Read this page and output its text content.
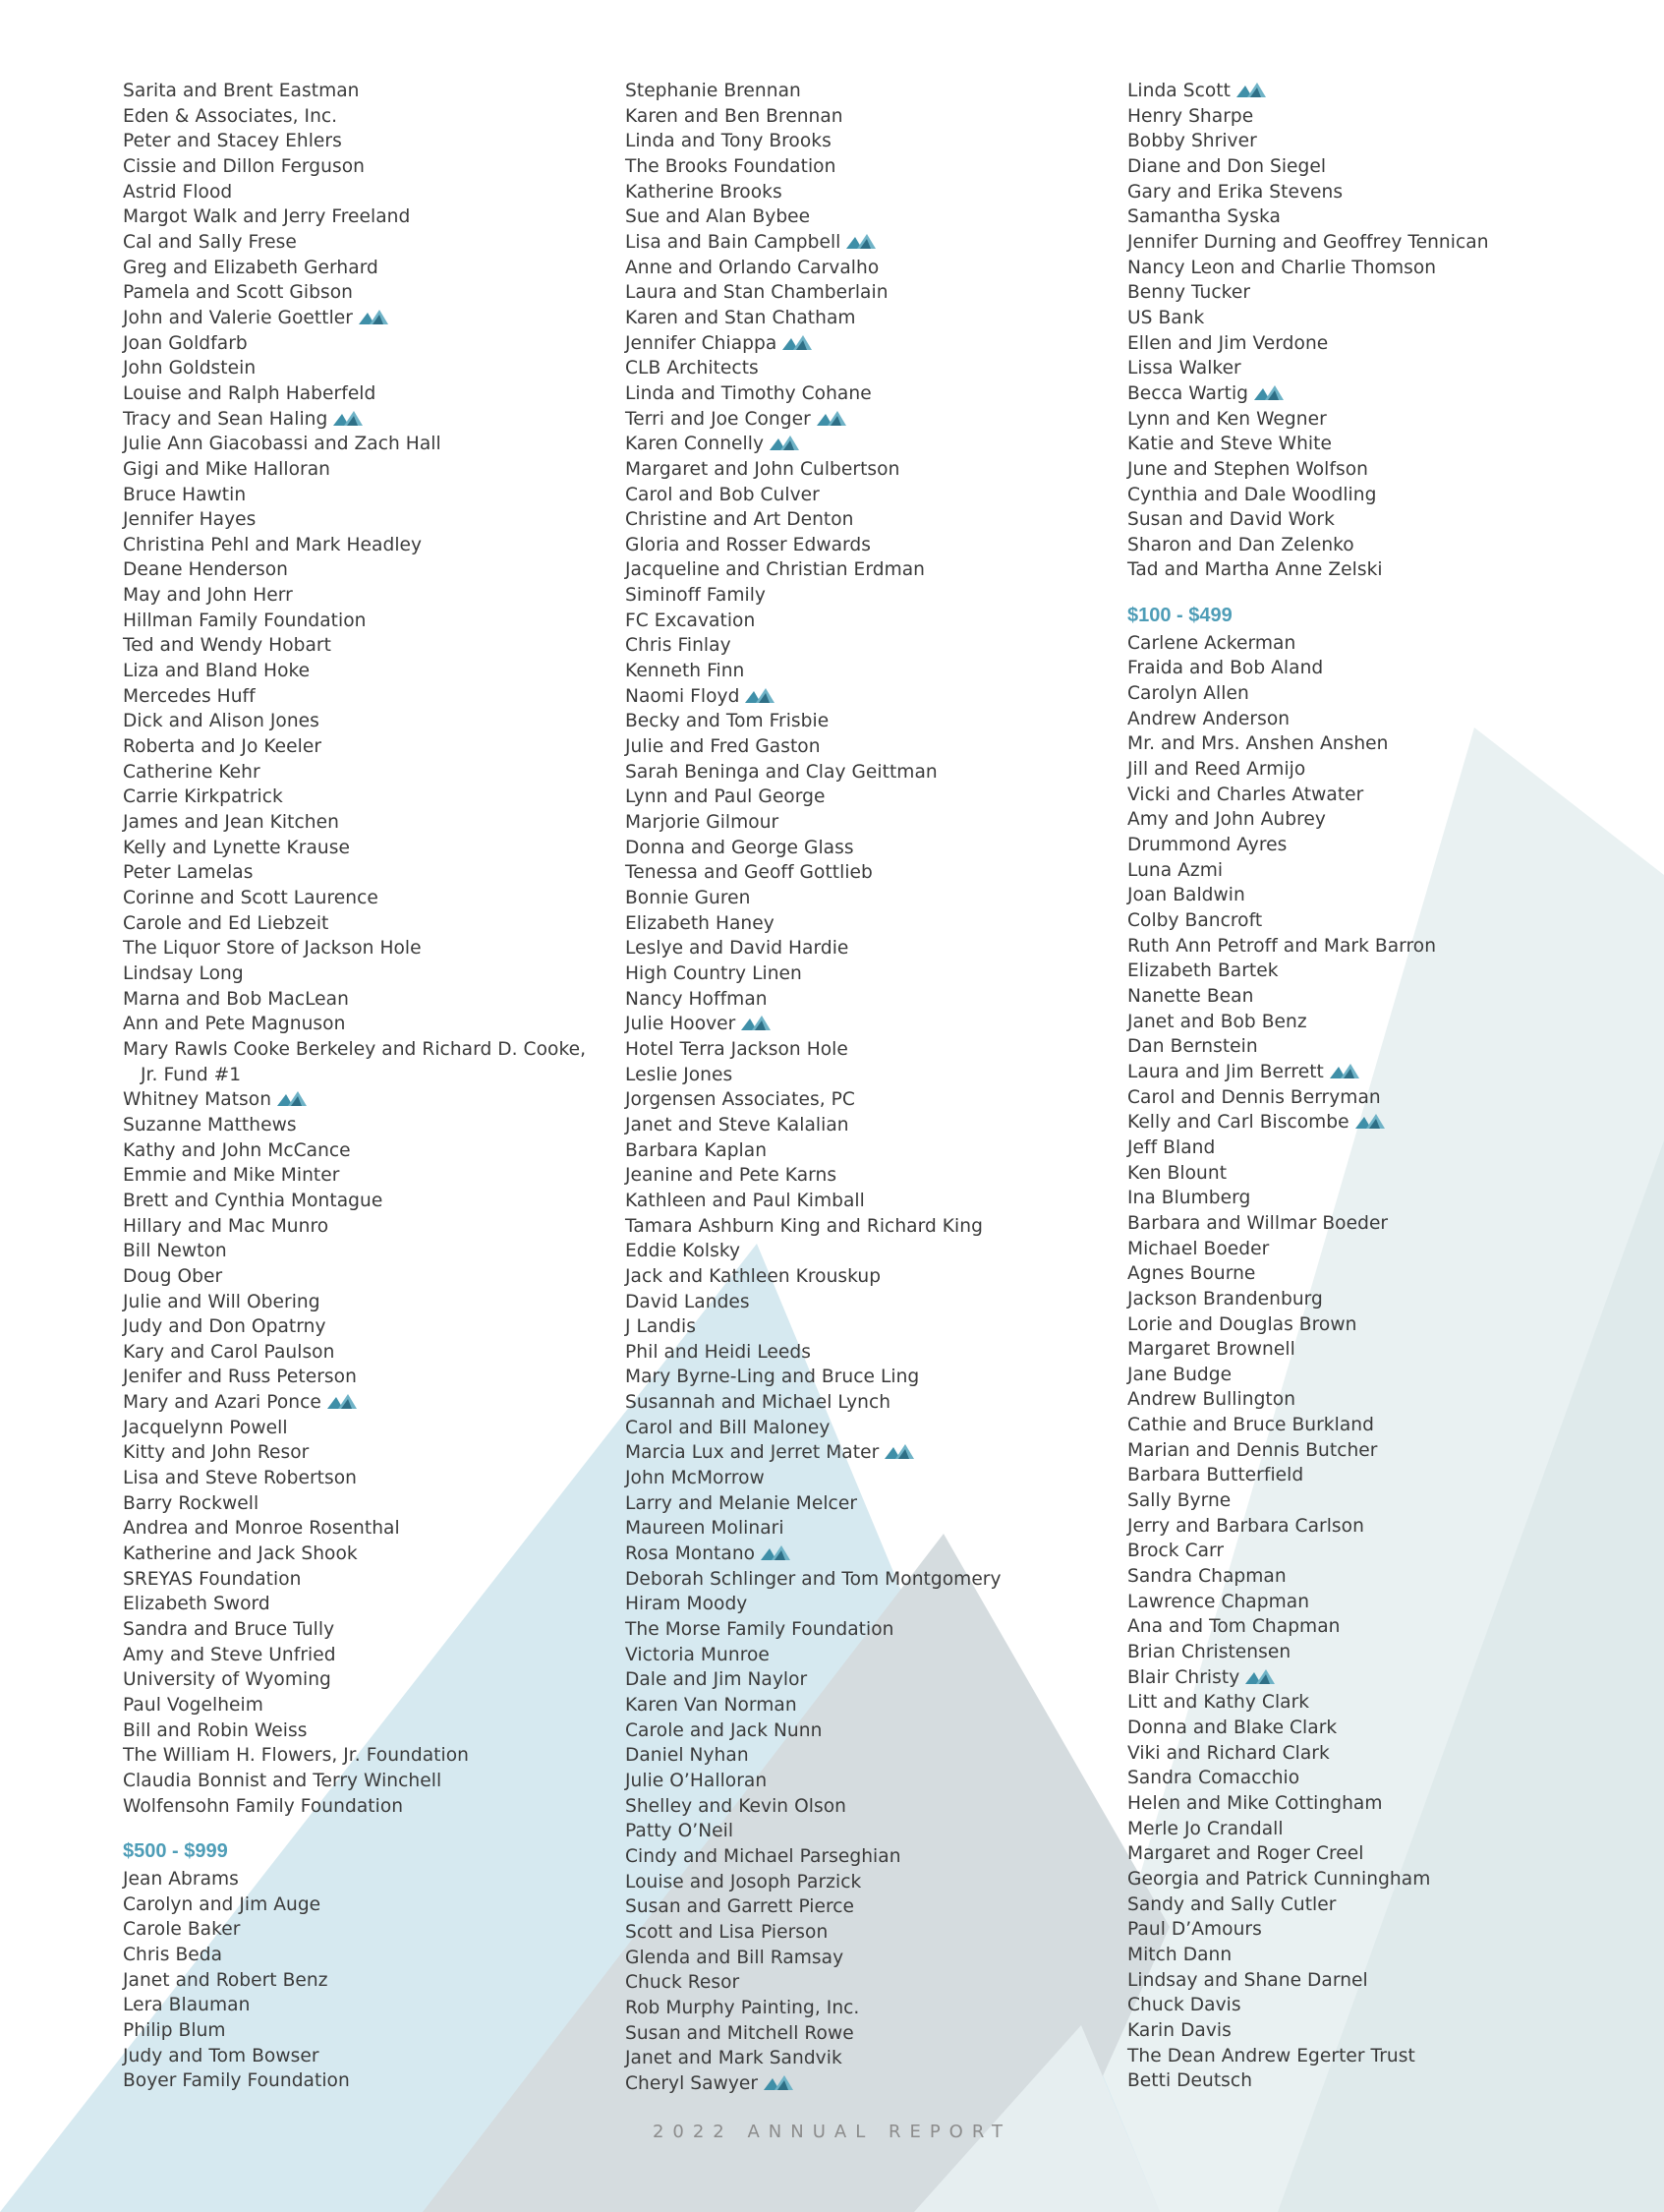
Sarita and Brent Eastman
Eden & Associates, Inc.
Peter and Stacey Ehlers
Cissie and Dillon Ferguson
Astrid Flood
Margot Walk and Jerry Freeland
Cal and Sally Frese
Greg and Elizabeth Gerhard
Pamela and Scott Gibson
John and Valerie Goettler
Joan Goldfarb
John Goldstein
Louise and Ralph Haberfeld
Tracy and Sean Haling
Julie Ann Giacobassi and Zach Hall
Gigi and Mike Halloran
Bruce Hawtin
Jennifer Hayes
Christina Pehl and Mark Headley
Deane Henderson
May and John Herr
Hillman Family Foundation
Ted and Wendy Hobart
Liza and Bland Hoke
Mercedes Huff
Dick and Alison Jones
Roberta and Jo Keeler
Catherine Kehr
Carrie Kirkpatrick
James and Jean Kitchen
Kelly and Lynette Krause
Peter Lamelas
Corinne and Scott Laurence
Carole and Ed Liebzeit
The Liquor Store of Jackson Hole
Lindsay Long
Marna and Bob MacLean
Ann and Pete Magnuson
Mary Rawls Cooke Berkeley and Richard D. Cooke,
Jr. Fund #1
Whitney Matson
Suzanne Matthews
Kathy and John McCance
Emmie and Mike Minter
Brett and Cynthia Montague
Hillary and Mac Munro
Bill Newton
Doug Ober
Julie and Will Obering
Judy and Don Opatrny
Kary and Carol Paulson
Jenifer and Russ Peterson
Mary and Azari Ponce
Jacquelynn Powell
Kitty and John Resor
Lisa and Steve Robertson
Barry Rockwell
Andrea and Monroe Rosenthal
Katherine and Jack Shook
SREYAS Foundation
Elizabeth Sword
Sandra and Bruce Tully
Amy and Steve Unfried
University of Wyoming
Paul Vogelheim
Bill and Robin Weiss
The William H. Flowers, Jr. Foundation
Claudia Bonnist and Terry Winchell
Wolfensohn Family Foundation
$500 - $999
Jean Abrams
Carolyn and Jim Auge
Carole Baker
Chris Beda
Janet and Robert Benz
Lera Blauman
Philip Blum
Judy and Tom Bowser
Boyer Family Foundation
Stephanie Brennan
Karen and Ben Brennan
Linda and Tony Brooks
The Brooks Foundation
Katherine Brooks
Sue and Alan Bybee
Lisa and Bain Campbell
Anne and Orlando Carvalho
Laura and Stan Chamberlain
Karen and Stan Chatham
Jennifer Chiappa
CLB Architects
Linda and Timothy Cohane
Terri and Joe Conger
Karen Connelly
Margaret and John Culbertson
Carol and Bob Culver
Christine and Art Denton
Gloria and Rosser Edwards
Jacqueline and Christian Erdman
Siminoff Family
FC Excavation
Chris Finlay
Kenneth Finn
Naomi Floyd
Becky and Tom Frisbie
Julie and Fred Gaston
Sarah Beninga and Clay Geittman
Lynn and Paul George
Marjorie Gilmour
Donna and George Glass
Tenessa and Geoff Gottlieb
Bonnie Guren
Elizabeth Haney
Leslye and David Hardie
High Country Linen
Nancy Hoffman
Julie Hoover
Hotel Terra Jackson Hole
Leslie Jones
Jorgensen Associates, PC
Janet and Steve Kalalian
Barbara Kaplan
Jeanine and Pete Karns
Kathleen and Paul Kimball
Tamara Ashburn King and Richard King
Eddie Kolsky
Jack and Kathleen Krouskup
David Landes
J Landis
Phil and Heidi Leeds
Mary Byrne-Ling and Bruce Ling
Susannah and Michael Lynch
Carol and Bill Maloney
Marcia Lux and Jerret Mater
John McMorrow
Larry and Melanie Melcer
Maureen Molinari
Rosa Montano
Deborah Schlinger and Tom Montgomery
Hiram Moody
The Morse Family Foundation
Victoria Munroe
Dale and Jim Naylor
Karen Van Norman
Carole and Jack Nunn
Daniel Nyhan
Julie O’Halloran
Shelley and Kevin Olson
Patty O’Neil
Cindy and Michael Parseghian
Louise and Josoph Parzick
Susan and Garrett Pierce
Scott and Lisa Pierson
Glenda and Bill Ramsay
Chuck Resor
Rob Murphy Painting, Inc.
Susan and Mitchell Rowe
Janet and Mark Sandvik
Cheryl Sawyer
Linda Scott
Henry Sharpe
Bobby Shriver
Diane and Don Siegel
Gary and Erika Stevens
Samantha Syska
Jennifer Durning and Geoffrey Tennican
Nancy Leon and Charlie Thomson
Benny Tucker
US Bank
Ellen and Jim Verdone
Lissa Walker
Becca Wartig
Lynn and Ken Wegner
Katie and Steve White
June and Stephen Wolfson
Cynthia and Dale Woodling
Susan and David Work
Sharon and Dan Zelenko
Tad and Martha Anne Zelski
$100 - $499
Carlene Ackerman
Fraida and Bob Aland
Carolyn Allen
Andrew Anderson
Mr. and Mrs. Anshen Anshen
Jill and Reed Armijo
Vicki and Charles Atwater
Amy and John Aubrey
Drummond Ayres
Luna Azmi
Joan Baldwin
Colby Bancroft
Ruth Ann Petroff and Mark Barron
Elizabeth Bartek
Nanette Bean
Janet and Bob Benz
Dan Bernstein
Laura and Jim Berrett
Carol and Dennis Berryman
Kelly and Carl Biscombe
Jeff Bland
Ken Blount
Ina Blumberg
Barbara and Willmar Boeder
Michael Boeder
Agnes Bourne
Jackson Brandenburg
Lorie and Douglas Brown
Margaret Brownell
Jane Budge
Andrew Bullington
Cathie and Bruce Burkland
Marian and Dennis Butcher
Barbara Butterfield
Sally Byrne
Jerry and Barbara Carlson
Brock Carr
Sandra Chapman
Lawrence Chapman
Ana and Tom Chapman
Brian Christensen
Blair Christy
Litt and Kathy Clark
Donna and Blake Clark
Viki and Richard Clark
Sandra Comacchio
Helen and Mike Cottingham
Merle Jo Crandall
Margaret and Roger Creel
Georgia and Patrick Cunningham
Sandy and Sally Cutler
Paul D’Amours
Mitch Dann
Lindsay and Shane Darnel
Chuck Davis
Karin Davis
The Dean Andrew Egerter Trust
Betti Deutsch
2022 ANNUAL REPORT
